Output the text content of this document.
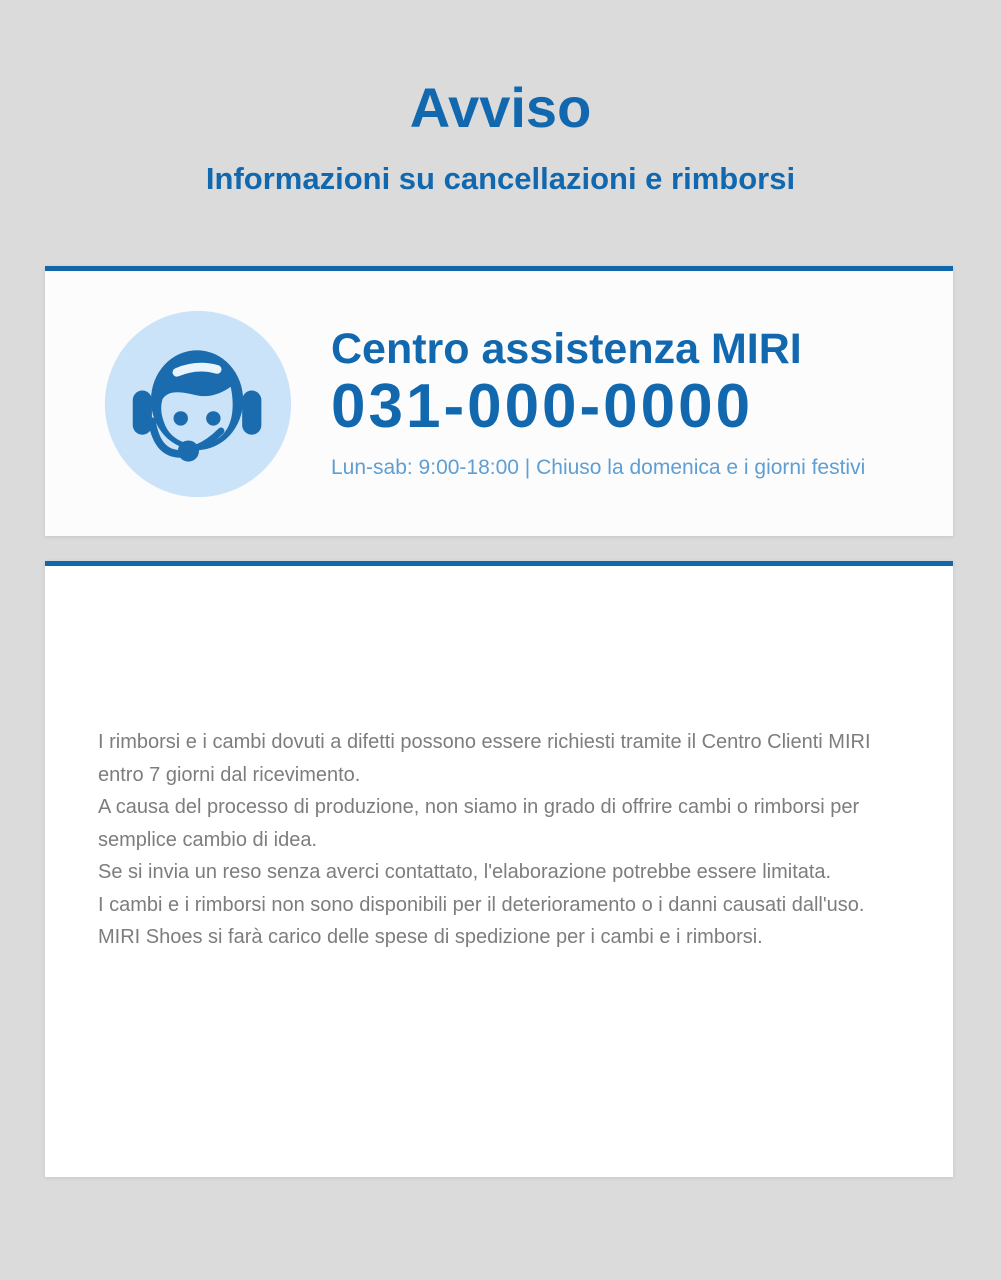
Avviso
Informazioni su cancellazioni e rimborsi
Centro assistenza MIRI
031-000-0000
Lun-sab: 9:00-18:00 | Chiuso la domenica e i giorni festivi

I rimborsi e i cambi dovuti a difetti possono essere richiesti tramite il Centro Clienti MIRI entro 7 giorni dal ricevimento.

A causa del processo di produzione, non siamo in grado di offrire cambi o rimborsi per semplice cambio di idea.

Se si invia un reso senza averci contattato, l'elaborazione potrebbe essere limitata.

I cambi e i rimborsi non sono disponibili per il deterioramento o i danni causati dall'uso.

MIRI Shoes si farà carico delle spese di spedizione per i cambi e i rimborsi.
